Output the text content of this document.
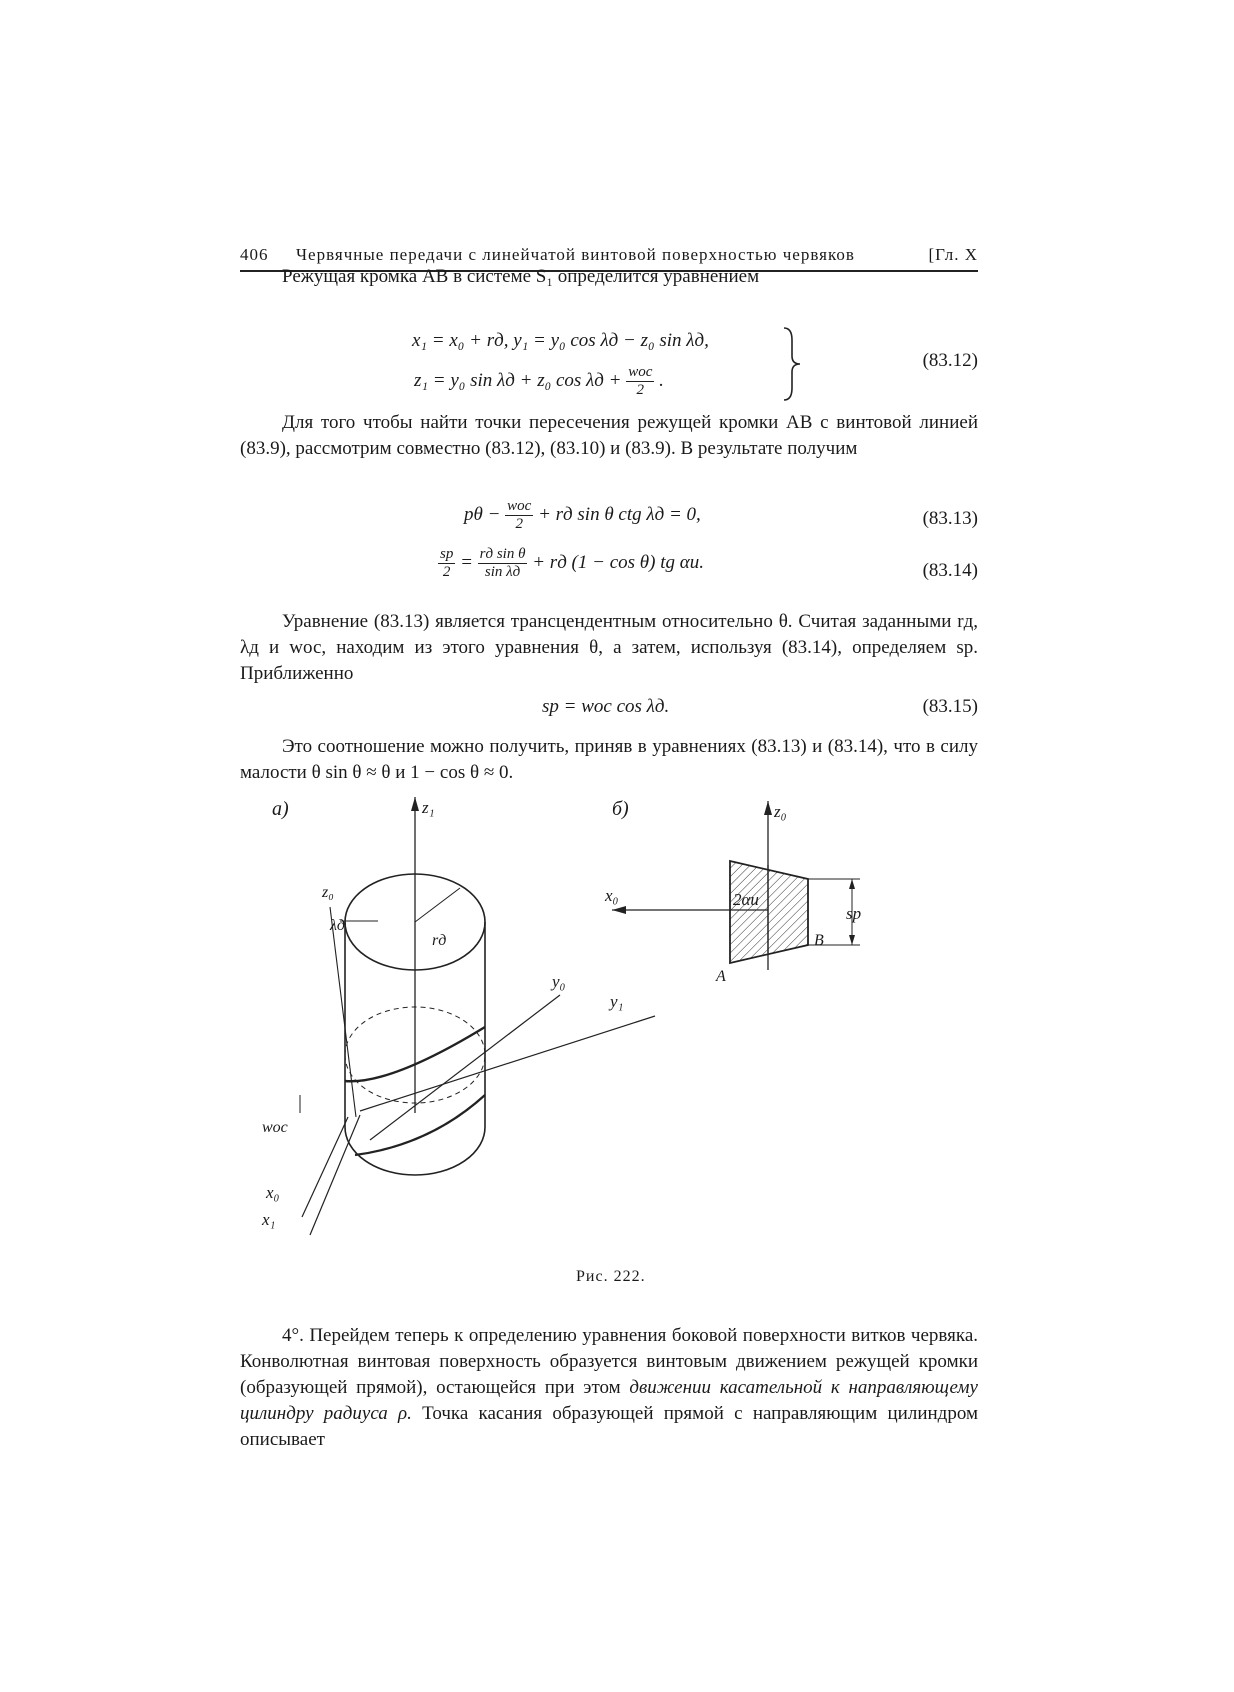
406 Червячные передачи с линейчатой винтовой поверхностью червяков	[Гл. X
Режущая кромка AB в системе S₁ определится уравнением
x₁ = x₀ + rд, y₁ = y₀ cos λд − z₀ sin λд,
z₁ = y₀ sin λд + z₀ $\cos \lambda д + \frac{\text{wос}}{2}$ .
(83.12)
Для того чтобы найти точки пересечения режущей кромки AB с винтовой линией (83.9), рассмотрим совместно (83.12), (83.10) и (83.9). В результате получим
$p\theta - \frac{\text{wос}}{2}$ + rд sin θ ctg λд = 0,	(83.13)
$\frac{sр}{2} = \frac{\text{rд sin θ}}{\text{sin λд}}$ + rд (1 − cos θ) tg αи.	(83.14)
Уравнение (83.13) является трансцендентным относительно θ. Считая заданными rд, λд и wос, находим из этого уравнения θ, а затем, используя (83.14), определяем sр. Приближенно
sр = wос cos λд.	(83.15)
Это соотношение можно получить, приняв в уравнениях (83.13) и (83.14), что в силу малости θ sin θ ≈ θ и 1 − cos θ ≈ 0.
а)	z₁
rд
z₀
λд
y₀
y₁
wос
x₀
x₁
б)	z₀
x₀	2αи
A
B
sр
Рис. 222.
4°. Перейдем теперь к определению уравнения боковой поверхности витков червяка. Конволютная винтовая поверхность образуется винтовым движением режущей кромки (образующей прямой), остающейся при этом движении касательной к направляющему цилиндру радиуса ρ. Точка касания образующей прямой с направляющим цилиндром описывает
